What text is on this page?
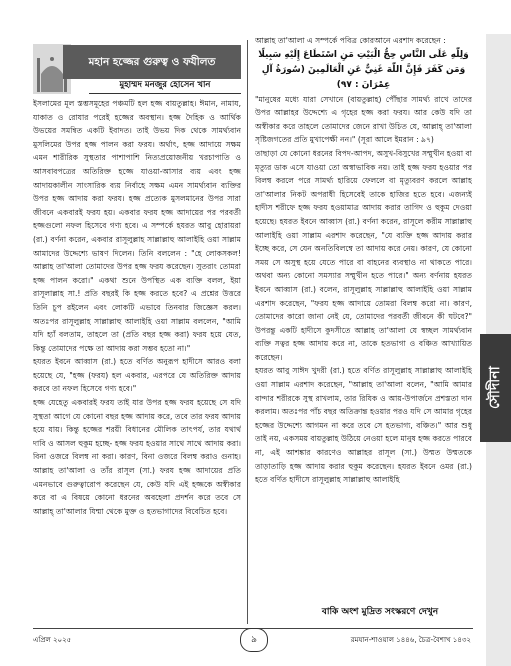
মহান হজ্জের গুরুত্ব ও ফযীলত
মুহাম্মদ মনজুর হোসেন খান

ইসলামের মূল স্তম্ভসমূহের পঞ্চমটি হল হজ্জ বায়তুল্লাহ। ঈমান, নামায, যাকাত ও রোযার পরেই হজ্জের অবস্থান। হজ্জ দৈহিক ও আর্থিক উভয়ের সমন্বিত একটি ইবাদত। তাই উভয় দিক থেকে সামর্থ্যবান মুসলিমের উপর হজ্জ পালন করা ফরয। অর্থাৎ, হজ্জ আদায়ে সক্ষম এমন শারীরিক সুস্থতার পাশাপাশি নিত্যপ্রয়োজনীয় খরচাপাতি ও আসবাবপত্রের অতিরিক্ত হজ্জে যাওয়া-আসার ব্যয় এবং হজ্জ আদায়কালীন সাংসারিক ব্যয় নির্বাহে সক্ষম এমন সামর্থ্যবান ব্যক্তির উপর হজ্জ আদায় করা ফরয। হজ্জ প্রত্যেক মুসলমানের উপর সারা জীবনে একবারই ফরয হয়। একবার ফরয হজ্জ আদায়ের পর পরবর্তী হজ্জগুলো নফল হিসেবে গণ্য হবে। এ সম্পর্কে হযরত আবু হোরায়রা (রা.) বর্ণনা করেন, একবার রাসূলুল্লাহ সাল্লাল্লাহু আলাইহি ওয়া সাল্লাম আমাদের উদ্দেশ্যে ভাষণ দিলেন। তিনি বললেন : "হে লোকসকল! আল্লাহ তা'আলা তোমাদের উপর হজ্জ ফরয করেছেন। সুতরাং তোমরা হজ্জ পালন করো।" একথা শুনে উপস্থিত এক ব্যক্তি বলল, ইয়া রাসূলাল্লাহ সা.! প্রতি বছরই কি হজ্জ করতে হবে? এ প্রশ্নের উত্তরে তিনি চুপ রইলেন এবং লোকটি এভাবে তিনবার জিজ্ঞেস করল। অতঃপর রাসূলুল্লাহ সাল্লাল্লাহু আলাইহি ওয়া সাল্লাম বললেন, "আমি যদি হ্যাঁ বলতাম, তাহলে তা (প্রতি বছর হজ্জ করা) ফরয হয়ে যেত, কিন্তু তোমাদের পক্ষে তা আদায় করা সম্ভব হতো না।"

হযরত ইবনে আব্বাস (রা.) হতে বর্ণিত অনুরূপ হাদীসে আরও বলা হয়েছে যে, "হজ্জ (ফরয) হল একবার, এরপরে যে অতিরিক্ত আদায় করবে তা নফল হিসেবে গণ্য হবে।"

হজ্জ যেহেতু একবারই ফরয তাই যার উপর হজ্জ ফরয হয়েছে সে যদি সুস্থতা আগে যে কোনো বছর হজ্জ আদায় করে, তবে তার ফরয আদায় হয়ে যায়। কিন্তু হজ্জের শরয়ী বিধানের মৌলিক তাৎপর্য, তার যথার্থ দাবি ও আসল হুকুম হচ্ছে- হজ্জ ফরয হওয়ার সাথে সাথে আদায় করা। বিনা ওজরে বিলম্ব না করা। কারণ, বিনা ওজরে বিলম্ব করাও গুনাহ। আল্লাহ তা'আলা ও তাঁর রাসূল (সা.) ফরয হজ্জ আদায়ের প্রতি এমনভাবে গুরুত্বারোপ করেছেন যে, কেউ যদি এই হজ্জকে অস্বীকার করে বা এ বিষয়ে কোনো ধরনের অবহেলা প্রদর্শন করে তবে সে আল্লাহ্ তা'আলার যিম্মা থেকে মুক্ত ও হতভাগাদের বিবেচিত হবে।

আল্লাহ তা'আলা এ সম্পর্কে পবিত্র কোরআনে এরশাদ করেছেন :

وَلِلّٰهِ عَلَى النَّاسِ حِجُّ الْبَيْتِ مَنِ اسْتَطَاعَ إِلَيْهِ سَبِيلًا وَمَن كَفَرَ فَإِنَّ اللّٰهَ غَنِيٌّ عَنِ الْعَالَمِينَ (سُورَةُ آلِ عِمْرَانَ : ٩٧)

"মানুষের মধ্যে যারা সেখানে (বায়তুল্লাহ) পৌঁছার সামর্থ্য রাখে তাদের উপর আল্লাহর উদ্দেশ্যে এ গৃহের হজ্জ করা ফরয। আর কেউ যদি তা অস্বীকার করে তাহলে তোমাদের জেনে রাখা উচিত যে, আল্লাহ্ তা'আলা সৃষ্টিজগতের প্রতি মুখাপেক্ষী নন।" (সূরা আলে ইমরান : ৯৭)

তাছাড়া যে কোনো ধরনের বিপদ-আপদ, অসুখ-বিসুখের সম্মুখীন হওয়া বা মৃত্যুর ডাক এসে যাওয়া তো অস্বাভাবিক নয়। তাই হজ্জ ফরয হওয়ার পর বিলম্ব করলে পরে সামর্থ্য হারিয়ে ফেললে বা মৃত্যুবরণ করলে আল্লাহ তা'আলার নিকট অপরাধী হিসেবেই তাকে হাজির হতে হবে। এজন্যই হাদীস শরীফে হজ্জ ফরয হওয়ামাত্র আদায় করার তাগিদ ও হুকুম দেওয়া হয়েছে। হযরত ইবনে আব্বাস (রা.) বর্ণনা করেন, রাসূলে করীম সাল্লাল্লাহু আলাইহি ওয়া সাল্লাম এরশাদ করেছেন, "যে ব্যক্তি হজ্জ আদায় করার ইচ্ছে করে, সে যেন অনতিবিলম্বে তা আদায় করে নেয়। কারণ, যে কোনো সময় সে অসুস্থ হয়ে যেতে পারে বা বাহনের ব্যবস্থাও না থাকতে পারে। অথবা অন্য কোনো সমস্যার সম্মুখীন হতে পারে।" অন্য বর্ণনায় হযরত ইবনে আব্বাস (রা.) বলেন, রাসূলুল্লাহ সাল্লাল্লাহু আলাইহি ওয়া সাল্লাম এরশাদ করেছেন, "ফরয হজ্জ আদায়ে তোমরা বিলম্ব করো না। কারণ, তোমাদের কারো জানা নেই যে, তোমাদের পরবর্তী জীবনে কী ঘটবে?" উপরন্তু একটি হাদীসে কুদসীতে আল্লাহ তা'আলা যে স্বচ্ছল সামর্থ্যবান ব্যক্তি সত্বর হজ্জ আদায় করে না, তাকে হতভাগা ও বঞ্চিত আখ্যায়িত করেছেন।

হযরত আবু সাঈদ খুদরী (রা.) হতে বর্ণিত রাসূলুল্লাহ সাল্লাল্লাহু আলাইহি ওয়া সাল্লাম এরশাদ করেছেন, "আল্লাহ তা'আলা বলেন, "আমি আমার বান্দার শরীরকে সুস্থ রাখলাম, তার রিযিক ও আয়-উপার্জনে প্রশস্ততা দান করলাম। অতঃপর পাঁচ বছর অতিক্রান্ত হওয়ার পরও যদি সে আমার গৃহের হজ্জের উদ্দেশ্যে আগমন না করে তবে সে হতভাগ্য, বঞ্চিত।" আর শুধু তাই নয়, একসময় বায়তুল্লাহ উঠিয়ে নেওয়া হলে মানুষ হজ্জ করতে পারবে না, এই আশঙ্কার কারণেও আল্লাহর রাসূল (সা.) উম্মত উম্মতকে তাড়াতাড়ি হজ্জ আদায় করার হুকুম করেছেন। হযরত ইবনে ওমর (রা.) হতে বর্ণিত হাদীসে রাসূলুল্লাহ সাল্লাল্লাহু আলাইহি

বাকি অংশ মুদ্রিত সংস্করণে দেখুন
সৌদীনা
এপ্রিল ২০২৫	৯	রমযান-শাওয়াল ১৪৪৬, চৈত্র-বৈশাখ ১৪৩২
